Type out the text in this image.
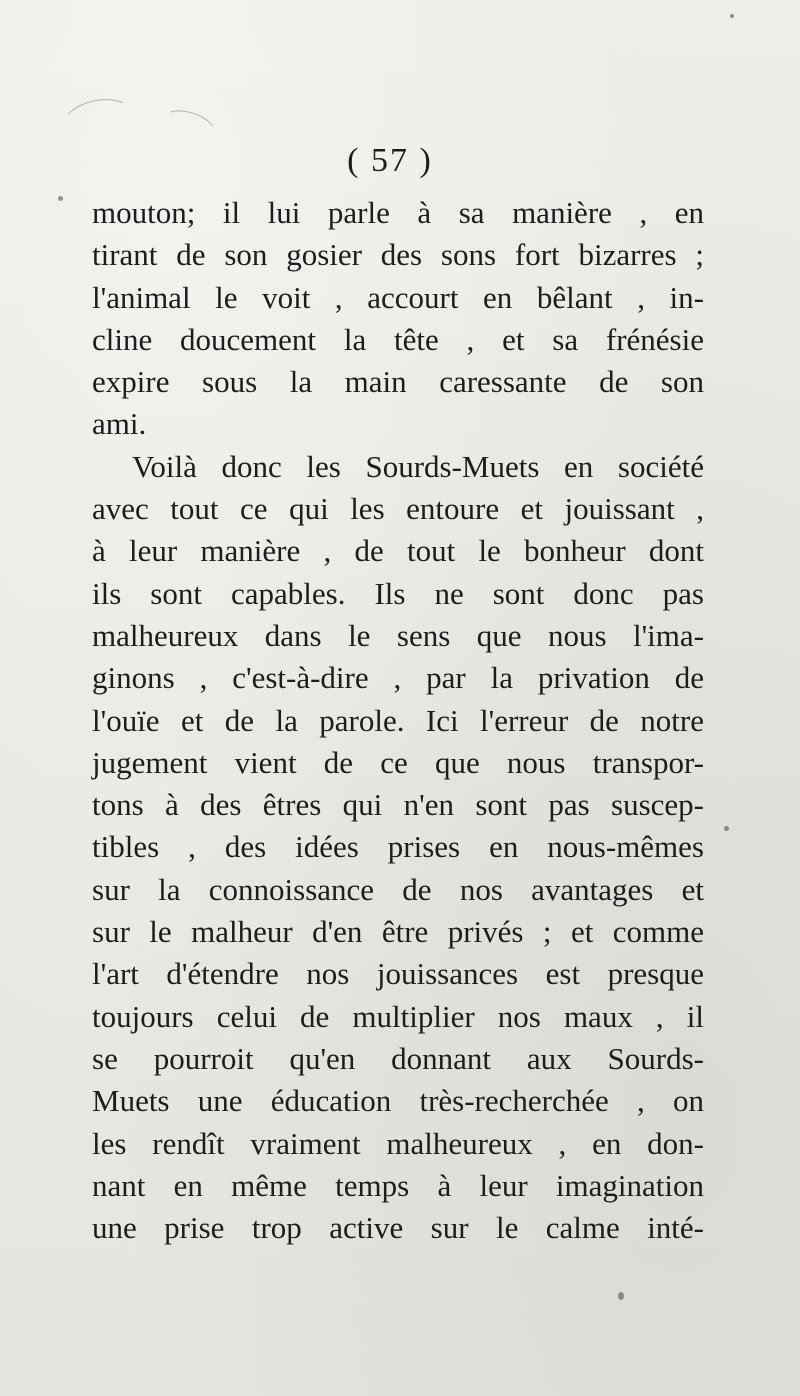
( 57 )
mouton; il lui parle à sa manière , en
tirant de son gosier des sons fort bizarres ;
l'animal le voit , accourt en bêlant , in-
cline doucement la tête , et sa frénésie
expire sous la main caressante de son
ami.
Voilà donc les Sourds-Muets en société
avec tout ce qui les entoure et jouissant ,
à leur manière , de tout le bonheur dont
ils sont capables. Ils ne sont donc pas
malheureux dans le sens que nous l'ima-
ginons , c'est-à-dire , par la privation de
l'ouïe et de la parole. Ici l'erreur de notre
jugement vient de ce que nous transpor-
tons à des êtres qui n'en sont pas suscep-
tibles , des idées prises en nous-mêmes
sur la connoissance de nos avantages et
sur le malheur d'en être privés ; et comme
l'art d'étendre nos jouissances est presque
toujours celui de multiplier nos maux , il
se pourroit qu'en donnant aux Sourds-
Muets une éducation très-recherchée , on
les rendît vraiment malheureux , en don-
nant en même temps à leur imagination
une prise trop active sur le calme inté-
